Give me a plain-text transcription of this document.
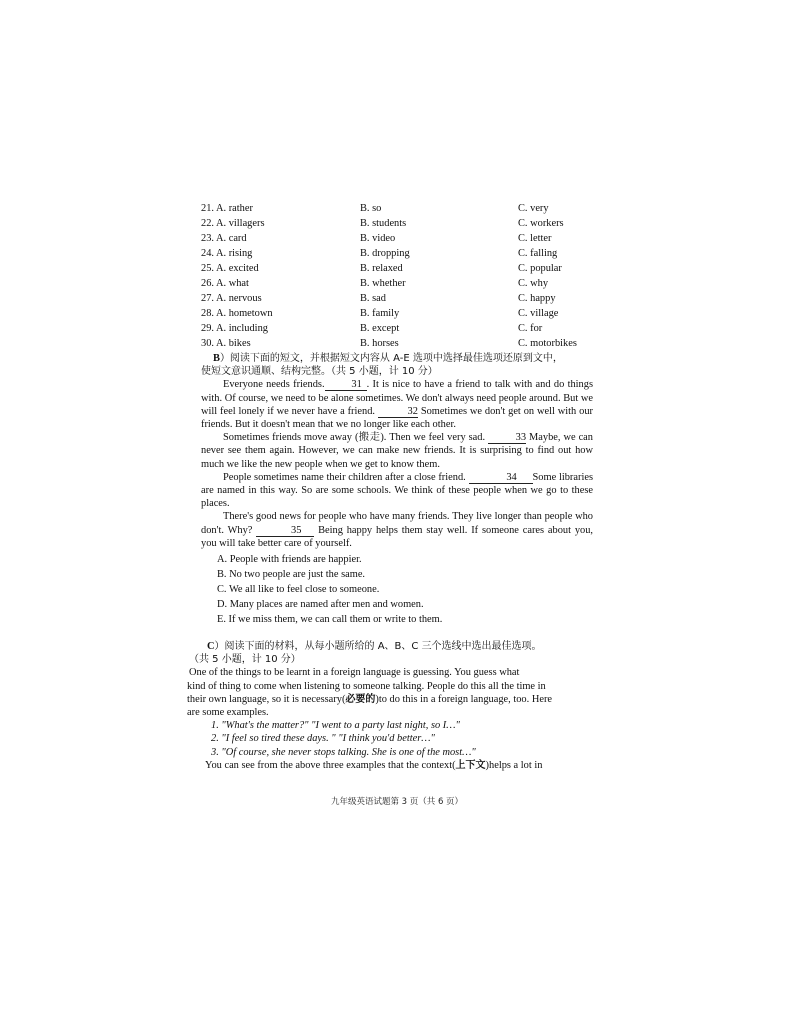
21. A. rather	B. so	C. very
22. A. villagers	B. students	C. workers
23. A. card	B. video	C. letter
24. A. rising	B. dropping	C. falling
25. A. excited	B. relaxed	C. popular
26. A. what	B. whether	C. why
27. A. nervous	B. sad	C. happy
28. A. hometown	B. family	C. village
29. A. including	B. except	C. for
30. A. bikes	B. horses	C. motorbikes

B）阅读下面的短文，并根据短文内容从 A-E 选项中选择最佳选项还原到文中，

使短文意识通顺、结构完整。（共 5 小题，计 10 分）

Everyone needs friends.	31 . It is nice to have a friend to talk with and do things with. Of course, we need to be alone sometimes. We don't always need people around. But we will feel lonely if we never have a friend.	32 Sometimes we don't get on well with our friends. But it doesn't mean that we no longer like each other.

Sometimes friends move away (搬走). Then we feel very sad.	33 Maybe, we can never see them again. However, we can make new friends. It is surprising to find out how much we like the new people when we get to know them.

People sometimes name their children after a close friend.	34 Some libraries are named in this way. So are some schools. We think of these people when we go to these places.

There's good news for people who have many friends. They live longer than people who don't. Why?	35 Being happy helps them stay well. If someone cares about you, you will take better care of yourself.

A. People with friends are happier.
B. No two people are just the same.
C. We all like to feel close to someone.
D. Many places are named after men and women.
E. If we miss them, we can call them or write to them.

C）阅读下面的材料，从每小题所给的 A、B、C 三个选线中选出最佳选项。

（共 5 小题，计 10 分）

One of the things to be learnt in a foreign language is guessing. You guess what

kind of thing to come when listening to someone talking. People do this all the time in

their own language, so it is necessary(必要的)to do this in a foreign language, too. Here

are some examples.

1. "What's the matter?" "I went to a party last night, so I…"

2. "I feel so tired these days. " "I think you'd better…"

3. "Of course, she never stops talking. She is one of the most…"

You can see from the above three examples that the context(上下文)helps a lot in

九年级英语试题第 3 页（共 6 页）
